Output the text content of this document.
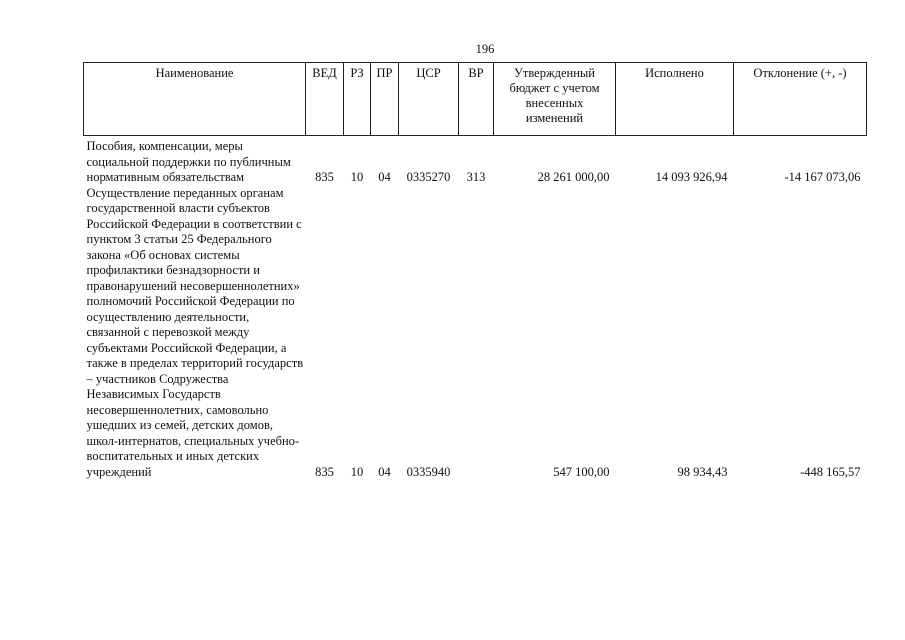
196
Наименование	ВЕД	РЗ	ПР	ЦСР	ВР	Утвержденный бюджет с учетом внесенных изменений	Исполнено	Отклонение (+, -)
Пособия, компенсации, меры социальной поддержки по публичным нормативным обязательствам	835	10	04	0335270	313	28 261 000,00	14 093 926,94	-14 167 073,06
Осуществление переданных органам государственной власти субъектов Российской Федерации в соответствии с пунктом 3 статьи 25 Федерального закона «Об основах системы профилактики безнадзорности и правонарушений несовершеннолетних» полномочий Российской Федерации по осуществлению деятельности, связанной с перевозкой между субъектами Российской Федерации, а также в пределах территорий государств – участников Содружества Независимых Государств несовершеннолетних, самовольно ушедших из семей, детских домов, школ-интернатов, специальных учебно-воспитательных и иных детских учреждений	835	10	04	0335940		547 100,00	98 934,43	-448 165,57
